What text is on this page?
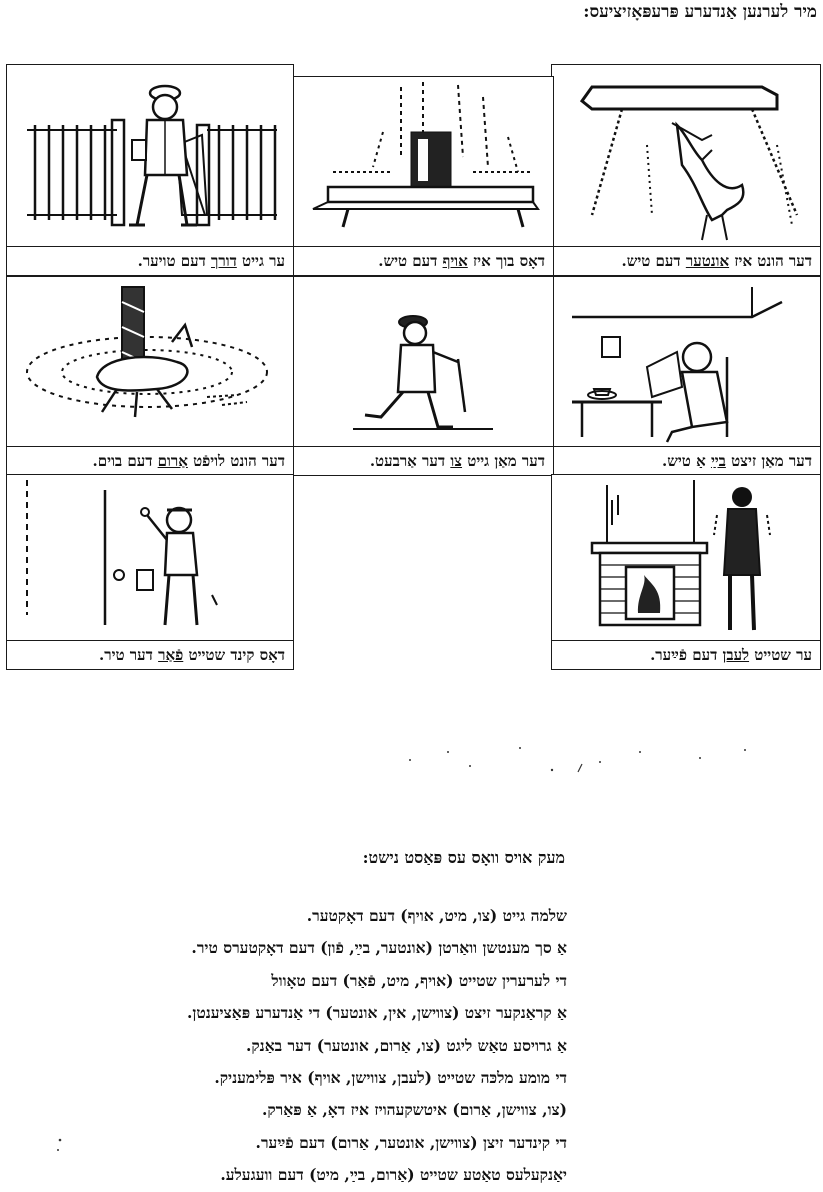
מיר לערנען אַנדערע פּרעפּאָזיציעס:
דער הונט איז אונטער דעם טיש.
דאָס בוך איז אויף דעם טיש.
ער גייט דורך דעם טויער.
דער מאַן זיצט בײַ אַ טיש.
דער מאַן גייט צו דער אַרבעט.
דער הונט לויפֿט אַרום דעם בוים.
ער שטייט לעבן דעם פֿײַער.
דאָס קינד שטייט פֿאַר דער טיר.
מעק אויס וואָס עס פּאַסט נישט:
שלמה גייט (צו, מיט, אויף) דעם דאָקטער.
אַ סך מענטשן וואַרטן (אונטער, בײַ, פֿון) דעם דאָקטערס טיר.
די לערערין שטייט (אויף, מיט, פֿאַר) דעם טאָוול
אַ קראַנקער זיצט (צווישן, אין, אונטער) די אַנדערע פּאַציענטן.
אַ גרויסע טאַש ליגט (צו, אַרום, אונטער) דער באַנק.
די מומע מלכּה שטייט (לעבן, צווישן, אויף) איר פּלימעניק.
(צו, צווישן, אַרום) איטשקעהויז איז דאָ, אַ פּאַרק.
די קינדער זיצן (צווישן, אונטער, אַרום) דעם פֿײַער.
יאַנקעלעס טאַטע שטייט (אַרום, בײַ, מיט) דעם וועגעלע.
